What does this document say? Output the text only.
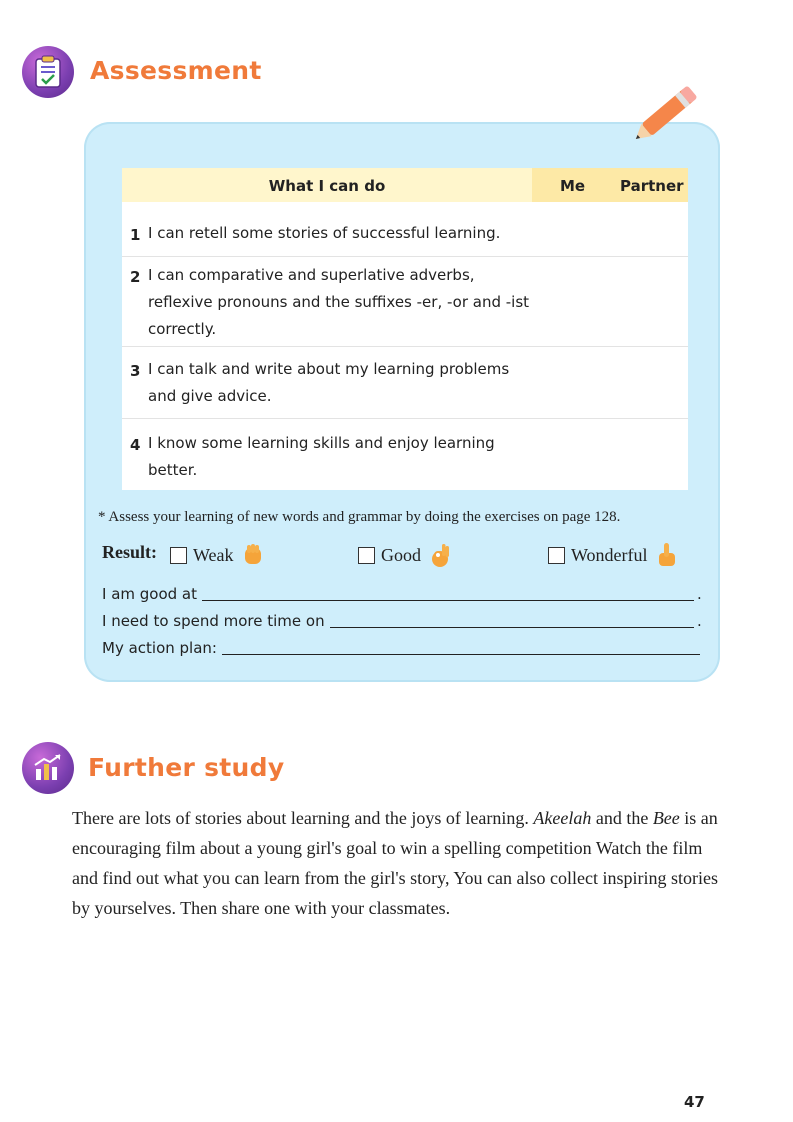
Assessment
What I can do	Me Partner
1 I can retell some stories of successful learning.
2 I can comparative and superlative adverbs, reflexive pronouns and the suffixes -er, -or and -ist correctly.
3 I can talk and write about my learning problems and give advice.
4 I know some learning skills and enjoy learning better.
* Assess your learning of new words and grammar by doing the exercises on page 128.
Result: Weak	Good	Wonderful
I am good at	.
I need to spend more time on	.
My action plan:
Further study
There are lots of stories about learning and the joys of learning. Akeelah and the Bee is an encouraging film about a young girl's goal to win a spelling competition Watch the film and find out what you can learn from the girl's story, You can also collect inspiring stories by yourselves. Then share one with your classmates.
47
